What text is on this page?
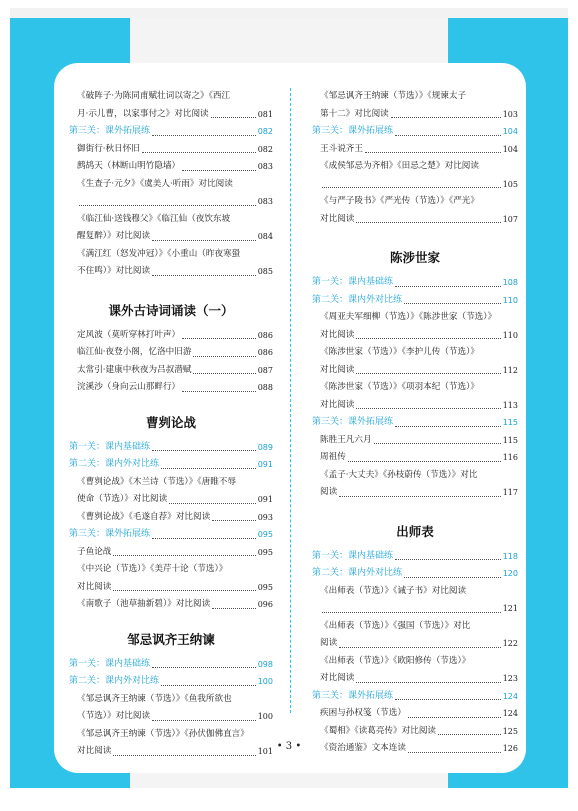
《破阵子·为陈同甫赋壮词以寄之》《西江
月·示儿曹，以家事付之》对比阅读	081
第三关：课外拓展练	082
御街行·秋日怀旧	082
鹧鸪天（林断山明竹隐墙）	083
《生查子·元夕》《虞美人·听雨》对比阅读
083
《临江仙·送钱穆父》《临江仙（夜饮东坡
醒复醉）》对比阅读	084
《满江红（怒发冲冠）》《小重山（昨夜寒蛩
不住鸣）》对比阅读	085
课外古诗词诵读（一）
定风波（莫听穿林打叶声）	086
临江仙·夜登小阁，忆洛中旧游	086
太常引·建康中秋夜为吕叔潜赋	087
浣溪沙（身向云山那畔行）	088
曹刿论战
第一关：课内基础练	089
第二关：课内外对比练	091
《曹刿论战》《木兰诗（节选）》《唐睢不辱
使命（节选）》对比阅读	091
《曹刿论战》《毛遂自荐》对比阅读	093
第三关：课外拓展练	095
子鱼论战	095
《中兴论（节选）》《美芹十论（节选）》
对比阅读	095
《南歌子（池草抽新碧）》对比阅读	096
邹忌讽齐王纳谏
第一关：课内基础练	098
第二关：课内外对比练	100
《邹忌讽齐王纳谏（节选）》《鱼我所欲也
（节选）》对比阅读	100
《邹忌讽齐王纳谏（节选）》《孙伏伽佛直言》
对比阅读	101
《邹忌讽齐王纳谏（节选）》《规谏太子
第十二》对比阅读	103
第三关：课外拓展练	104
王斗说齐王	104
《成侯邹忌为齐相》《田忌之楚》对比阅读
105
《与严子陵书》《严光传（节选）》《严光》
对比阅读	107
陈涉世家
第一关：课内基础练	108
第二关：课内外对比练	110
《周亚夫军细柳（节选）》《陈涉世家（节选）》
对比阅读	110
《陈涉世家（节选）》《李护儿传（节选）》
对比阅读	112
《陈涉世家（节选）》《项羽本纪（节选）》
对比阅读	113
第三关：课外拓展练	115
陈胜王凡六月	115
周祖传	116
《孟子·大丈夫》《孙枝蔚传（节选）》对比
阅读	117
出师表
第一关：课内基础练	118
第二关：课内外对比练	120
《出师表（节选）》《诫子书》对比阅读
121
《出师表（节选）》《强国（节选）》对比
阅读	122
《出师表（节选）》《欧阳修传（节选）》
对比阅读	123
第三关：课外拓展练	124
疾困与孙权笺（节选）	124
《蜀相》《读葛亮传》对比阅读	125
《资治通鉴》文本连读	126
• 3 •
